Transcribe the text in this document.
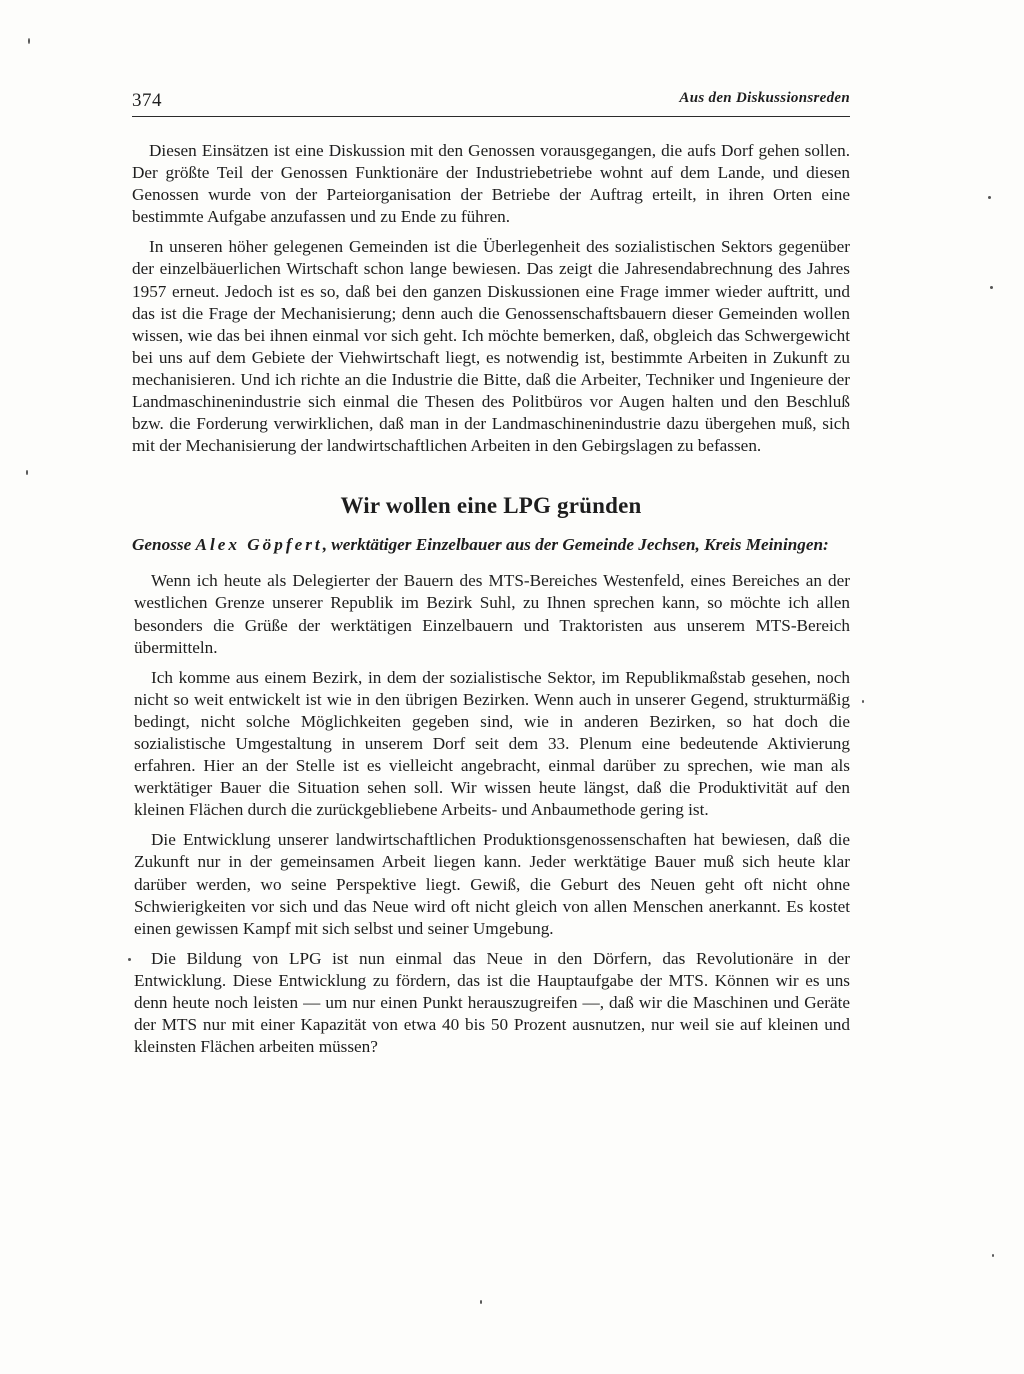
374	Aus den Diskussionsreden

Diesen Einsätzen ist eine Diskussion mit den Genossen vorausgegangen, die aufs Dorf gehen sollen. Der größte Teil der Genossen Funktionäre der Industriebetriebe wohnt auf dem Lande, und diesen Genossen wurde von der Parteiorganisation der Betriebe der Auftrag erteilt, in ihren Orten eine bestimmte Aufgabe anzufassen und zu Ende zu führen.

In unseren höher gelegenen Gemeinden ist die Überlegenheit des sozialistischen Sektors gegenüber der einzelbäuerlichen Wirtschaft schon lange bewiesen. Das zeigt die Jahresendabrechnung des Jahres 1957 erneut. Jedoch ist es so, daß bei den ganzen Diskussionen eine Frage immer wieder auftritt, und das ist die Frage der Mechanisierung; denn auch die Genossenschaftsbauern dieser Gemeinden wollen wissen, wie das bei ihnen einmal vor sich geht. Ich möchte bemerken, daß, obgleich das Schwergewicht bei uns auf dem Gebiete der Viehwirtschaft liegt, es notwendig ist, bestimmte Arbeiten in Zukunft zu mechanisieren. Und ich richte an die Industrie die Bitte, daß die Arbeiter, Techniker und Ingenieure der Landmaschinenindustrie sich einmal die Thesen des Politbüros vor Augen halten und den Beschluß bzw. die Forderung verwirklichen, daß man in der Landmaschinenindustrie dazu übergehen muß, sich mit der Mechanisierung der landwirtschaftlichen Arbeiten in den Gebirgslagen zu befassen.

Wir wollen eine LPG gründen

Genosse Alex Göpfert, werktätiger Einzelbauer aus der Gemeinde Jechsen, Kreis Meiningen:

Wenn ich heute als Delegierter der Bauern des MTS-Bereiches Westenfeld, eines Bereiches an der westlichen Grenze unserer Republik im Bezirk Suhl, zu Ihnen sprechen kann, so möchte ich allen besonders die Grüße der werktätigen Einzelbauern und Traktoristen aus unserem MTS-Bereich übermitteln.

Ich komme aus einem Bezirk, in dem der sozialistische Sektor, im Republikmaßstab gesehen, noch nicht so weit entwickelt ist wie in den übrigen Bezirken. Wenn auch in unserer Gegend, strukturmäßig bedingt, nicht solche Möglichkeiten gegeben sind, wie in anderen Bezirken, so hat doch die sozialistische Umgestaltung in unserem Dorf seit dem 33. Plenum eine bedeutende Aktivierung erfahren. Hier an der Stelle ist es vielleicht angebracht, einmal darüber zu sprechen, wie man als werktätiger Bauer die Situation sehen soll. Wir wissen heute längst, daß die Produktivität auf den kleinen Flächen durch die zurückgebliebene Arbeits- und Anbaumethode gering ist.

Die Entwicklung unserer landwirtschaftlichen Produktionsgenossenschaften hat bewiesen, daß die Zukunft nur in der gemeinsamen Arbeit liegen kann. Jeder werktätige Bauer muß sich heute klar darüber werden, wo seine Perspektive liegt. Gewiß, die Geburt des Neuen geht oft nicht ohne Schwierigkeiten vor sich und das Neue wird oft nicht gleich von allen Menschen anerkannt. Es kostet einen gewissen Kampf mit sich selbst und seiner Umgebung.

Die Bildung von LPG ist nun einmal das Neue in den Dörfern, das Revolutionäre in der Entwicklung. Diese Entwicklung zu fördern, das ist die Hauptaufgabe der MTS. Können wir es uns denn heute noch leisten — um nur einen Punkt herauszugreifen —, daß wir die Maschinen und Geräte der MTS nur mit einer Kapazität von etwa 40 bis 50 Prozent ausnutzen, nur weil sie auf kleinen und kleinsten Flächen arbeiten müssen?
